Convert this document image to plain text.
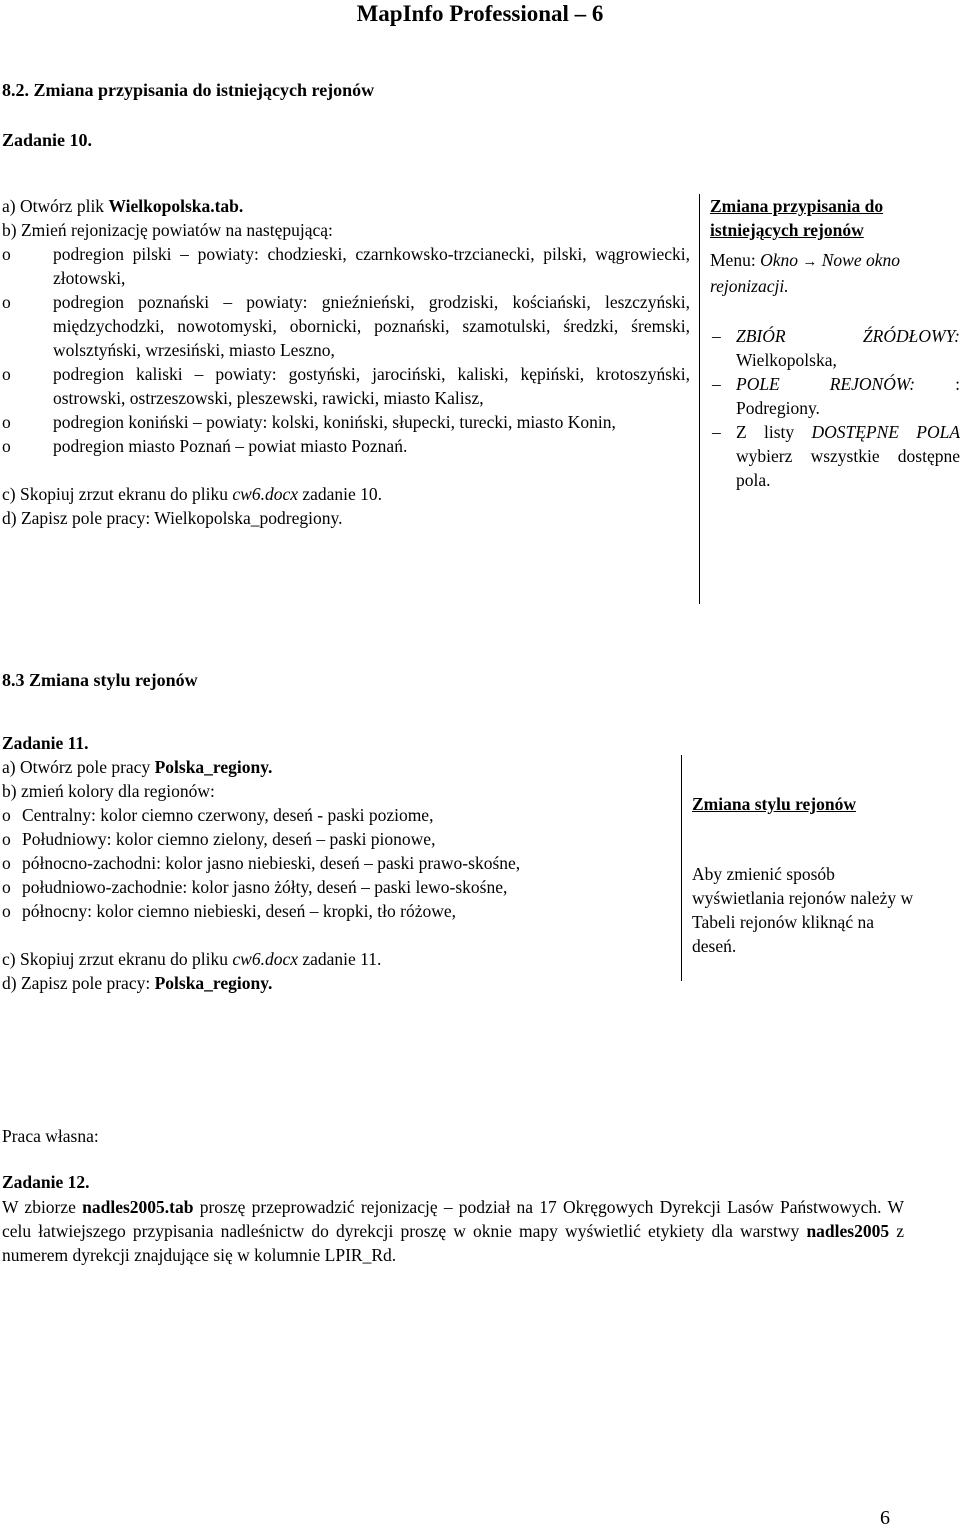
MapInfo Professional – 6
8.2. Zmiana przypisania do istniejących rejonów
Zadanie 10.
a) Otwórz plik Wielkopolska.tab.
b) Zmień rejonizację powiatów na następującą:
o podregion pilski – powiaty: chodzieski, czarnkowsko-trzcianecki, pilski, wągrowiecki, złotowski,
o podregion poznański – powiaty: gnieźnieński, grodziski, kościański, leszczyński, międzychodzki, nowotomyski, obornicki, poznański, szamotulski, średzki, śremski, wolsztyński, wrzesiński, miasto Leszno,
o podregion kaliski – powiaty: gostyński, jarociński, kaliski, kępiński, krotoszyński, ostrowski, ostrzeszowski, pleszewski, rawicki, miasto Kalisz,
o podregion koniński – powiaty: kolski, koniński, słupecki, turecki, miasto Konin,
o podregion miasto Poznań – powiat miasto Poznań.
c) Skopiuj zrzut ekranu do pliku cw6.docx zadanie 10.
d) Zapisz pole pracy: Wielkopolska_podregiony.
Zmiana przypisania do istniejących rejonów
Menu: Okno → Nowe okno rejonizacji.
– ZBIÓR ŹRÓDŁOWY: Wielkopolska,
– POLE REJONÓW: : Podregiony.
– Z listy DOSTĘPNE POLA wybierz wszystkie dostępne pola.
8.3 Zmiana stylu rejonów
Zadanie 11.
a) Otwórz pole pracy Polska_regiony.
b) zmień kolory dla regionów:
o Centralny: kolor ciemno czerwony, deseń - paski poziome,
o Południowy: kolor ciemno zielony, deseń – paski pionowe,
o północno-zachodni: kolor jasno niebieski, deseń – paski prawo-skośne,
o południowo-zachodnie: kolor jasno żółty, deseń – paski lewo-skośne,
o północny: kolor ciemno niebieski, deseń – kropki, tło różowe,
c) Skopiuj zrzut ekranu do pliku cw6.docx zadanie 11.
d) Zapisz pole pracy: Polska_regiony.
Zmiana stylu rejonów
Aby zmienić sposób wyświetlania rejonów należy w Tabeli rejonów kliknąć na deseń.
Praca własna:
Zadanie 12.
W zbiorze nadles2005.tab proszę przeprowadzić rejonizację – podział na 17 Okręgowych Dyrekcji Lasów Państwowych. W celu łatwiejszego przypisania nadleśnictw do dyrekcji proszę w oknie mapy wyświetlić etykiety dla warstwy nadles2005 z numerem dyrekcji znajdujące się w kolumnie LPIR_Rd.
6
